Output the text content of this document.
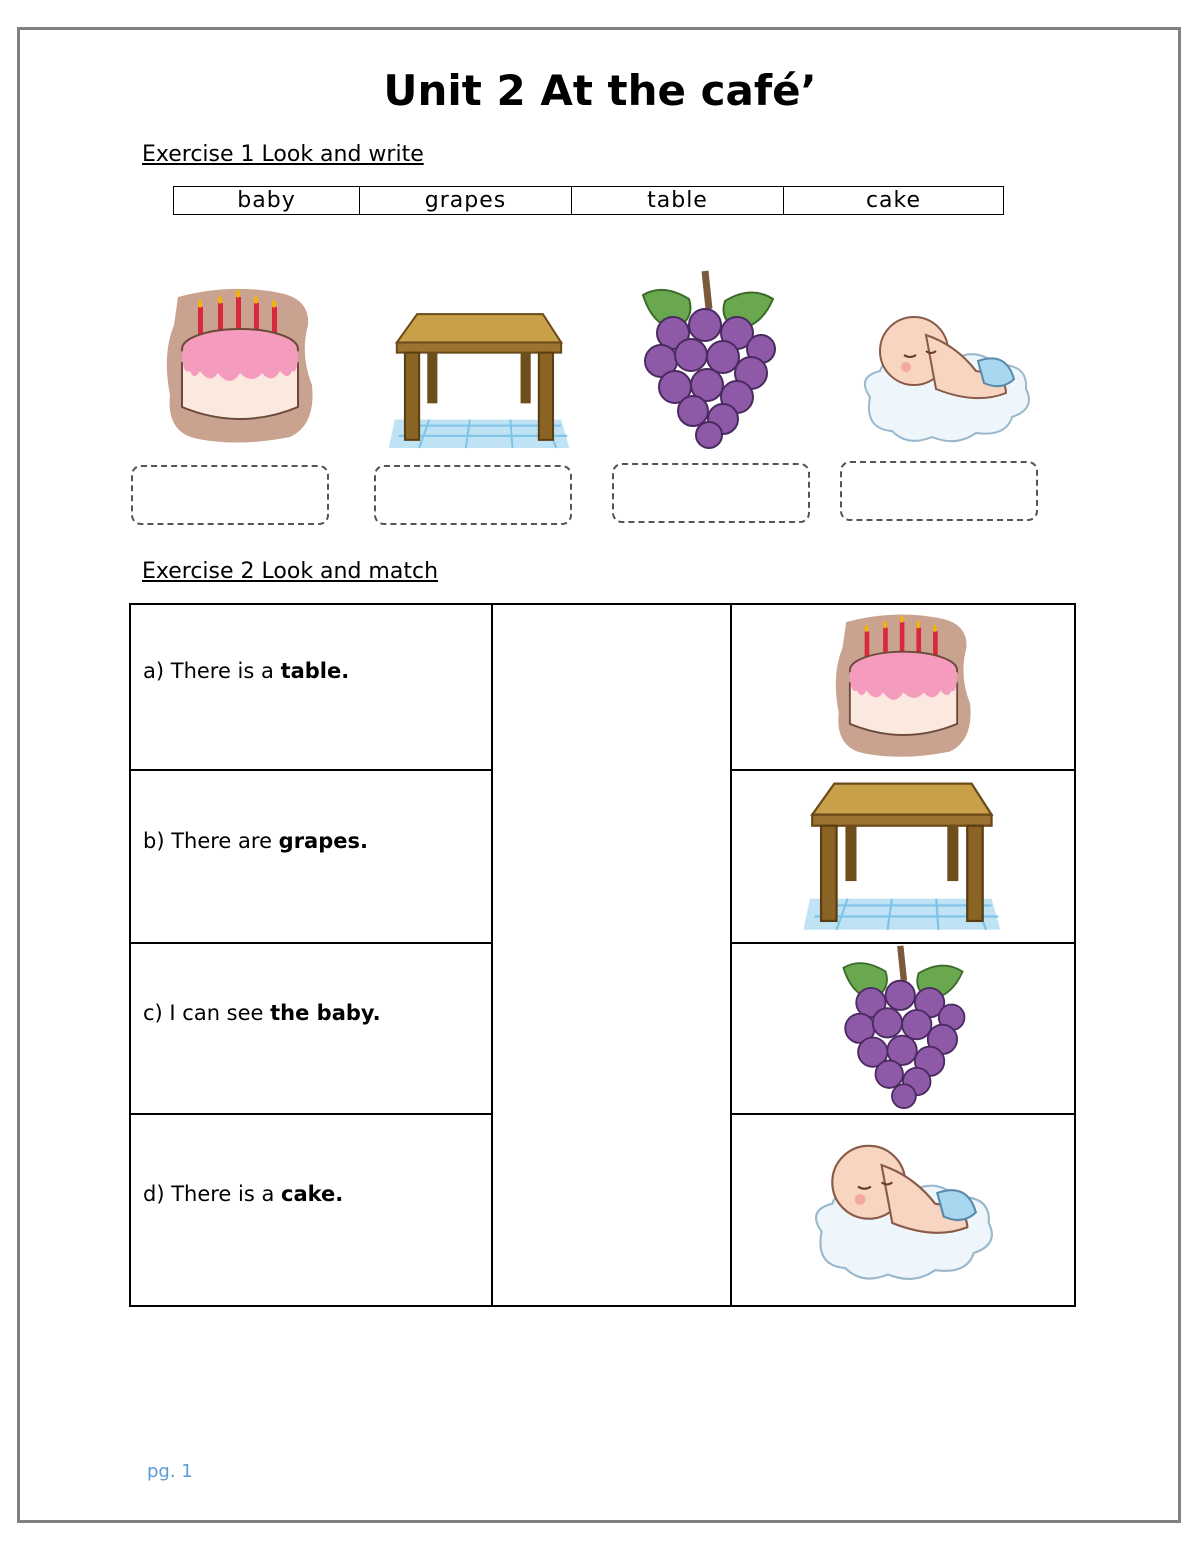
Unit 2 At the café’
Exercise 1 Look and write
baby	grapes	table	cake
Exercise 2 Look and match
a) There is a table.		
b) There are grapes.	
c) I can see the baby.	
d) There is a cake.	
pg. 1
